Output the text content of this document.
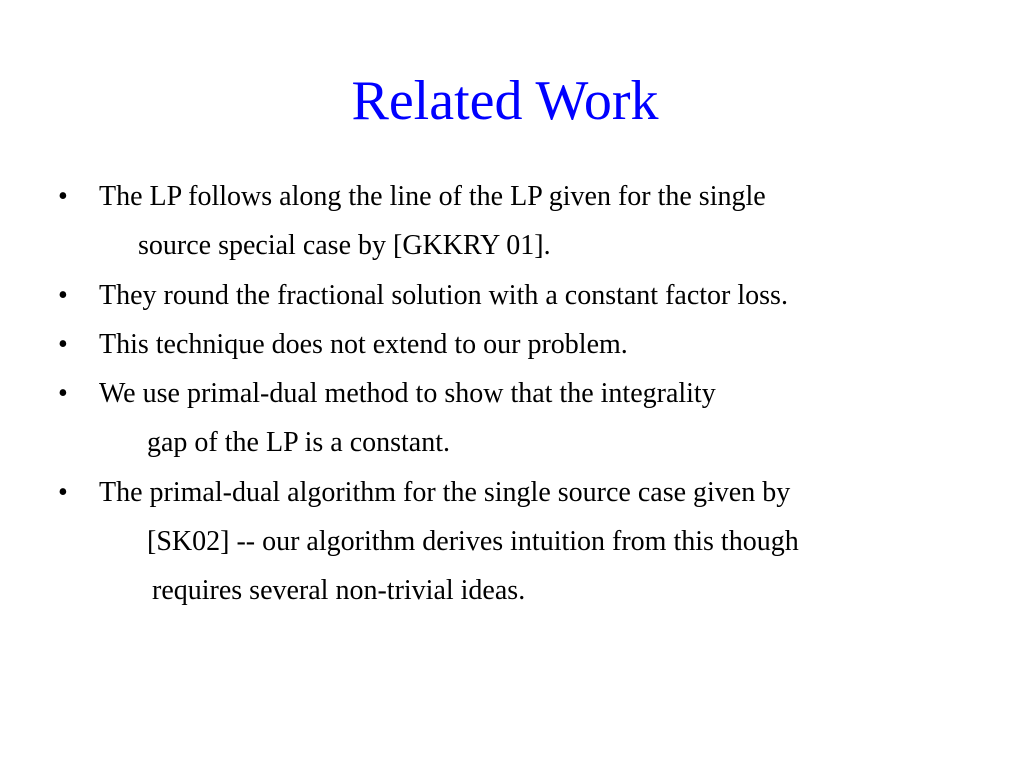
Related Work
•	The LP follows along the line of the LP given for the single
source special case by [GKKRY 01].
•	They round the fractional solution with a constant factor loss.
•	This technique does not extend to our problem.
•	We use primal-dual method to show that the integrality
gap of the LP is a constant.
•	The primal-dual algorithm for the single source case given by
[SK02] -- our algorithm derives intuition from this though
requires several non-trivial ideas.
